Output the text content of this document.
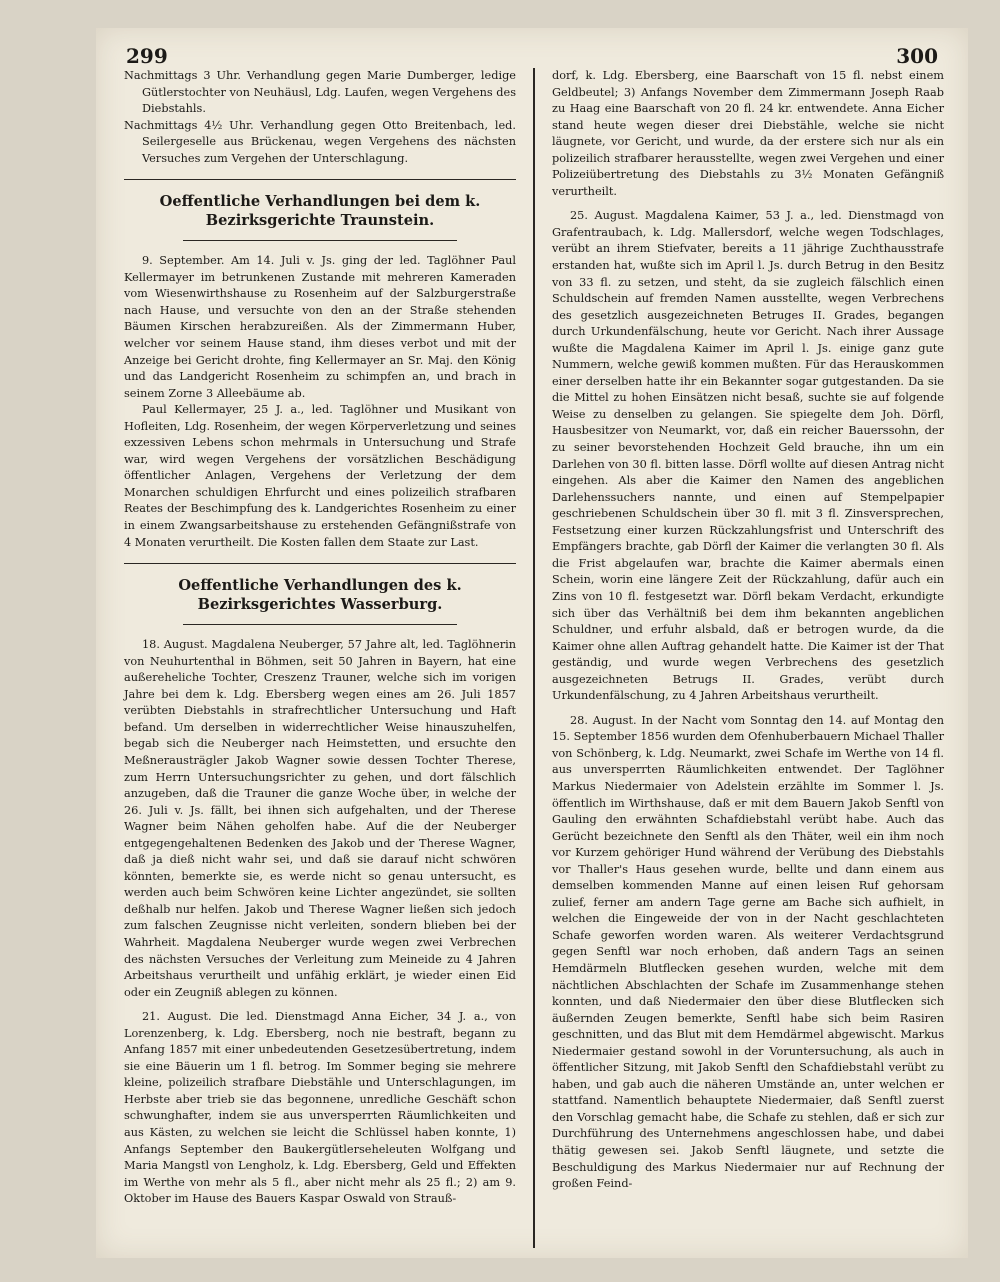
299	300

Nachmittags 3 Uhr. Verhandlung gegen Marie Dumberger, ledige Gütlerstochter von Neuhäusl, Ldg. Laufen, wegen Vergehens des Diebstahls.

Nachmittags 4½ Uhr. Verhandlung gegen Otto Breitenbach, led. Seilergeselle aus Brückenau, wegen Vergehens des nächsten Versuches zum Vergehen der Unterschlagung.

Oeffentliche Verhandlungen bei dem k. Bezirksgerichte Traunstein.

9. September. Am 14. Juli v. Js. ging der led. Taglöhner Paul Kellermayer im betrunkenen Zustande mit mehreren Kameraden vom Wiesenwirthshause zu Rosenheim auf der Salzburgerstraße nach Hause, und versuchte von den an der Straße stehenden Bäumen Kirschen herabzureißen. Als der Zimmermann Huber, welcher vor seinem Hause stand, ihm dieses verbot und mit der Anzeige bei Gericht drohte, fing Kellermayer an Sr. Maj. den König und das Landgericht Rosenheim zu schimpfen an, und brach in seinem Zorne 3 Alleebäume ab.

Paul Kellermayer, 25 J. a., led. Taglöhner und Musikant von Hofleiten, Ldg. Rosenheim, der wegen Körperverletzung und seines exzessiven Lebens schon mehrmals in Untersuchung und Strafe war, wird wegen Vergehens der vorsätzlichen Beschädigung öffentlicher Anlagen, Vergehens der Verletzung der dem Monarchen schuldigen Ehrfurcht und eines polizeilich strafbaren Reates der Beschimpfung des k. Landgerichtes Rosenheim zu einer in einem Zwangsarbeitshause zu erstehenden Gefängnißstrafe von 4 Monaten verurtheilt. Die Kosten fallen dem Staate zur Last.

Oeffentliche Verhandlungen des k. Bezirksgerichtes Wasserburg.

18. August. Magdalena Neuberger, 57 Jahre alt, led. Taglöhnerin von Neuhurtenthal in Böhmen, seit 50 Jahren in Bayern, hat eine außereheliche Tochter, Creszenz Trauner, welche sich im vorigen Jahre bei dem k. Ldg. Ebersberg wegen eines am 26. Juli 1857 verübten Diebstahls in strafrechtlicher Untersuchung und Haft befand. Um derselben in widerrechtlicher Weise hinauszuhelfen, begab sich die Neuberger nach Heimstetten, und ersuchte den Meßnerausträgler Jakob Wagner sowie dessen Tochter Therese, zum Herrn Untersuchungsrichter zu gehen, und dort fälschlich anzugeben, daß die Trauner die ganze Woche über, in welche der 26. Juli v. Js. fällt, bei ihnen sich aufgehalten, und der Therese Wagner beim Nähen geholfen habe. Auf die der Neuberger entgegengehaltenen Bedenken des Jakob und der Therese Wagner, daß ja dieß nicht wahr sei, und daß sie darauf nicht schwören könnten, bemerkte sie, es werde nicht so genau untersucht, es werden auch beim Schwören keine Lichter angezündet, sie sollten deßhalb nur helfen. Jakob und Therese Wagner ließen sich jedoch zum falschen Zeugnisse nicht verleiten, sondern blieben bei der Wahrheit. Magdalena Neuberger wurde wegen zwei Verbrechen des nächsten Versuches der Verleitung zum Meineide zu 4 Jahren Arbeitshaus verurtheilt und unfähig erklärt, je wieder einen Eid oder ein Zeugniß ablegen zu können.

21. August. Die led. Dienstmagd Anna Eicher, 34 J. a., von Lorenzenberg, k. Ldg. Ebersberg, noch nie bestraft, begann zu Anfang 1857 mit einer unbedeutenden Gesetzesübertretung, indem sie eine Bäuerin um 1 fl. betrog. Im Sommer beging sie mehrere kleine, polizeilich strafbare Diebstähle und Unterschlagungen, im Herbste aber trieb sie das begonnene, unredliche Geschäft schon schwunghafter, indem sie aus unversperrten Räumlichkeiten und aus Kästen, zu welchen sie leicht die Schlüssel haben konnte, 1) Anfangs September den Baukergütlerseheleuten Wolfgang und Maria Mangstl von Lengholz, k. Ldg. Ebersberg, Geld und Effekten im Werthe von mehr als 5 fl., aber nicht mehr als 25 fl.; 2) am 9. Oktober im Hause des Bauers Kaspar Oswald von Strauß-

dorf, k. Ldg. Ebersberg, eine Baarschaft von 15 fl. nebst einem Geldbeutel; 3) Anfangs November dem Zimmermann Joseph Raab zu Haag eine Baarschaft von 20 fl. 24 kr. entwendete. Anna Eicher stand heute wegen dieser drei Diebstähle, welche sie nicht läugnete, vor Gericht, und wurde, da der erstere sich nur als ein polizeilich strafbarer herausstellte, wegen zwei Vergehen und einer Polizeiübertretung des Diebstahls zu 3½ Monaten Gefängniß verurtheilt.

25. August. Magdalena Kaimer, 53 J. a., led. Dienstmagd von Grafentraubach, k. Ldg. Mallersdorf, welche wegen Todschlages, verübt an ihrem Stiefvater, bereits a 11 jährige Zuchthausstrafe erstanden hat, wußte sich im April l. Js. durch Betrug in den Besitz von 33 fl. zu setzen, und steht, da sie zugleich fälschlich einen Schuldschein auf fremden Namen ausstellte, wegen Verbrechens des gesetzlich ausgezeichneten Betruges II. Grades, begangen durch Urkundenfälschung, heute vor Gericht. Nach ihrer Aussage wußte die Magdalena Kaimer im April l. Js. einige ganz gute Nummern, welche gewiß kommen mußten. Für das Herauskommen einer derselben hatte ihr ein Bekannter sogar gutgestanden. Da sie die Mittel zu hohen Einsätzen nicht besaß, suchte sie auf folgende Weise zu denselben zu gelangen. Sie spiegelte dem Joh. Dörfl, Hausbesitzer von Neumarkt, vor, daß ein reicher Bauerssohn, der zu seiner bevorstehenden Hochzeit Geld brauche, ihn um ein Darlehen von 30 fl. bitten lasse. Dörfl wollte auf diesen Antrag nicht eingehen. Als aber die Kaimer den Namen des angeblichen Darlehenssuchers nannte, und einen auf Stempelpapier geschriebenen Schuldschein über 30 fl. mit 3 fl. Zinsversprechen, Festsetzung einer kurzen Rückzahlungsfrist und Unterschrift des Empfängers brachte, gab Dörfl der Kaimer die verlangten 30 fl. Als die Frist abgelaufen war, brachte die Kaimer abermals einen Schein, worin eine längere Zeit der Rückzahlung, dafür auch ein Zins von 10 fl. festgesetzt war. Dörfl bekam Verdacht, erkundigte sich über das Verhältniß bei dem ihm bekannten angeblichen Schuldner, und erfuhr alsbald, daß er betrogen wurde, da die Kaimer ohne allen Auftrag gehandelt hatte. Die Kaimer ist der That geständig, und wurde wegen Verbrechens des gesetzlich ausgezeichneten Betrugs II. Grades, verübt durch Urkundenfälschung, zu 4 Jahren Arbeitshaus verurtheilt.

28. August. In der Nacht vom Sonntag den 14. auf Montag den 15. September 1856 wurden dem Ofenhuberbauern Michael Thaller von Schönberg, k. Ldg. Neumarkt, zwei Schafe im Werthe von 14 fl. aus unversperrten Räumlichkeiten entwendet. Der Taglöhner Markus Niedermaier von Adelstein erzählte im Sommer l. Js. öffentlich im Wirthshause, daß er mit dem Bauern Jakob Senftl von Gauling den erwähnten Schafdiebstahl verübt habe. Auch das Gerücht bezeichnete den Senftl als den Thäter, weil ein ihm noch vor Kurzem gehöriger Hund während der Verübung des Diebstahls vor Thaller's Haus gesehen wurde, bellte und dann einem aus demselben kommenden Manne auf einen leisen Ruf gehorsam zulief, ferner am andern Tage gerne am Bache sich aufhielt, in welchen die Eingeweide der von in der Nacht geschlachteten Schafe geworfen worden waren. Als weiterer Verdachtsgrund gegen Senftl war noch erhoben, daß andern Tags an seinen Hemdärmeln Blutflecken gesehen wurden, welche mit dem nächtlichen Abschlachten der Schafe im Zusammenhange stehen konnten, und daß Niedermaier den über diese Blutflecken sich äußernden Zeugen bemerkte, Senftl habe sich beim Rasiren geschnitten, und das Blut mit dem Hemdärmel abgewischt. Markus Niedermaier gestand sowohl in der Voruntersuchung, als auch in öffentlicher Sitzung, mit Jakob Senftl den Schafdiebstahl verübt zu haben, und gab auch die näheren Umstände an, unter welchen er stattfand. Namentlich behauptete Niedermaier, daß Senftl zuerst den Vorschlag gemacht habe, die Schafe zu stehlen, daß er sich zur Durchführung des Unternehmens angeschlossen habe, und dabei thätig gewesen sei. Jakob Senftl läugnete, und setzte die Beschuldigung des Markus Niedermaier nur auf Rechnung der großen Feind-
